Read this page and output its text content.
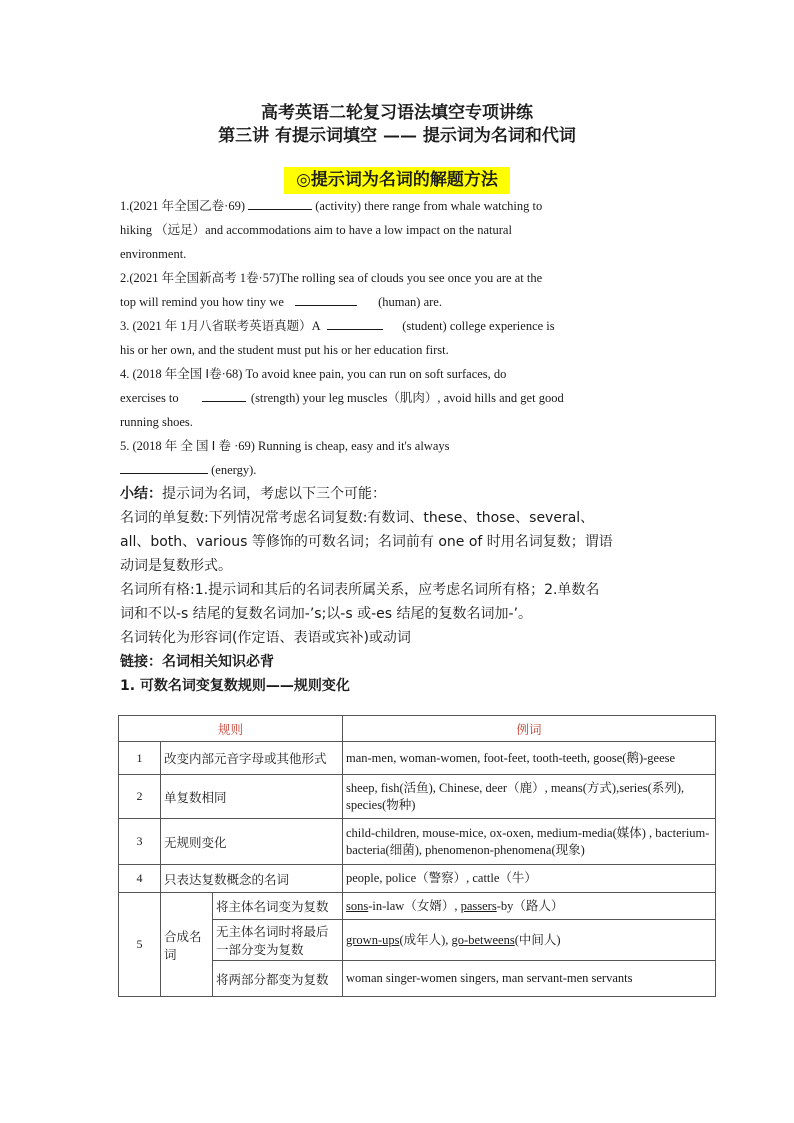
高考英语二轮复习语法填空专项讲练
第三讲 有提示词填空 —— 提示词为名词和代词
◎提示词为名词的解题方法
1.(2021 年全国乙卷·69)	(activity) there range from whale watching to
hiking （远足）and accommodations aim to have a low impact on the natural
environment.
2.(2021 年全国新高考 1卷·57)The rolling sea of clouds you see once you are at the
top will remind you how tiny we	(human) are.
3. (2021 年 1月八省联考英语真题）A	(student) college experience is
his or her own, and the student must put his or her education first.
4. (2018 年全国 Ⅰ卷·68) To avoid knee pain, you can run on soft surfaces, do
exercises to	(strength) your leg muscles（肌肉）, avoid hills and get good
running shoes.
5. (2018 年 全 国 Ⅰ 卷 ·69) Running is cheap, easy and it's always
(energy).
小结：提示词为名词，考虑以下三个可能：
名词的单复数:下列情况常考虑名词复数:有数词、these、those、several、
all、both、various 等修饰的可数名词；名词前有 one of 时用名词复数；谓语
动词是复数形式。
名词所有格:1.提示词和其后的名词表所属关系，应考虑名词所有格；2.单数名
词和不以-s 结尾的复数名词加-’s;以-s 或-es 结尾的复数名词加-’。
名词转化为形容词(作定语、表语或宾补)或动词
链接：名词相关知识必背
1. 可数名词变复数规则——规则变化
规则			例词
1	改变内部元音字母或其他形式		man-men, woman-women, foot-feet, tooth-teeth, goose(鹅)-geese
2	单复数相同		sheep, fish(活鱼), Chinese, deer（鹿）, means(方式),series(系列), species(物种)
3	无规则变化		child-children, mouse-mice, ox-oxen, medium-media(媒体) , bacterium-bacteria(细菌), phenomenon-phenomena(现象)
4	只表达复数概念的名词		people, police（警察）, cattle（牛）
5	合成名词	将主体名词变为复数	sons-in-law（女婿）, passers-by（路人）
		无主体名词时将最后一部分变为复数	grown-ups(成年人), go-betweens(中间人)
		将两部分都变为复数	woman singer-women singers, man servant-men servants
